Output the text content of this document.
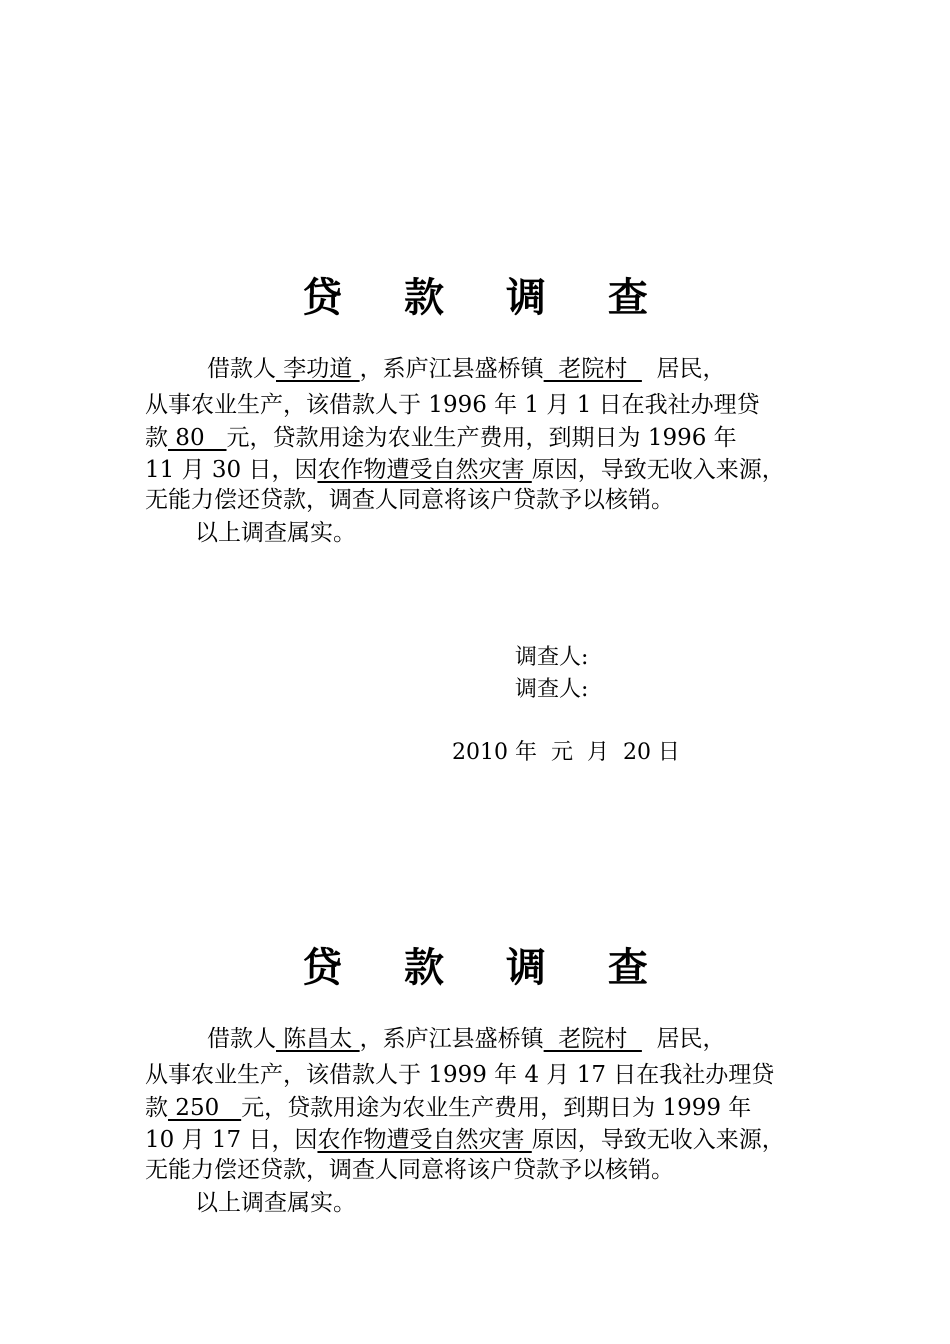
贷 款 调 查
借款人 李功道 ，系庐江县盛桥镇  老院村    居民，
从事农业生产，该借款人于 1996 年 1 月 1 日在我社办理贷
款 80   元，贷款用途为农业生产费用，到期日为 1996 年
11 月 30 日，因农作物遭受自然灾害 原因，导致无收入来源，
无能力偿还贷款，调查人同意将该户贷款予以核销。
以上调查属实。
调查人:
调查人:
2010 年  元  月  20 日
贷 款 调 查
借款人 陈昌太 ，系庐江县盛桥镇  老院村    居民，
从事农业生产，该借款人于 1999 年 4 月 17 日在我社办理贷
款 250   元，贷款用途为农业生产费用，到期日为 1999 年
10 月 17 日，因农作物遭受自然灾害 原因，导致无收入来源，
无能力偿还贷款，调查人同意将该户贷款予以核销。
以上调查属实。
